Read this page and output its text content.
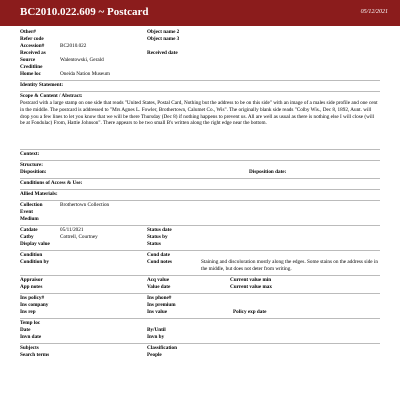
BC2010.022.609 ~ Postcard	05/12/2021
Other#	Object name 2
Refer code	Object name 3
Accession#	BC2010.022
Received as	Received date
Source	Walentowski, Gerald
Creditline
Home loc	Oneida Nation Museum
Identity Statement:
Scope & Content / Abstract:
Postcard with a large stamp on one side that reads "United States, Postal Card, Nothing but the address to be on this side" with an image of a males side profile and one cent in the middle. The postcard is addressed to "Mrs Agnes L. Fowler, Brothertown, Calumet Co., Wis". The originally blank side reads "Colby Wis., Dec 8, 1892, Aunt. will drop you a few lines to let you know that we will be there Thursday (Dec 8) if nothing happens to prevent us. All are well as usual as there is nothing else I will close (will be at Fondulac) From, Hattie Johnson". There appears to be two small B's written along the right edge near the bottom.
Context:
Structure:
Disposition:	Disposition date:
Conditions of Access & Use:
Allied Materials:
Collection	Brothertown Collection
Event
Medium
Catdate	05/11/2021	Status date
Catby	Cottrell, Courtney	Status by
Display value	Status
Condition	Cond date
Condition by	Cond notes	Staining and discoloration mostly along the edges. Some stains on the address side in the middle, but does not deter from writing.
Appraisor	Acq value	Current value min
App notes	Value date	Current value max
Ins policy#	Ins phone#
Ins company	Ins premium
Ins rep	Ins value	Policy exp date
Temp loc
Date	By/Until
Invn date	Invn by
Subjects	Classification
Search terms	People
